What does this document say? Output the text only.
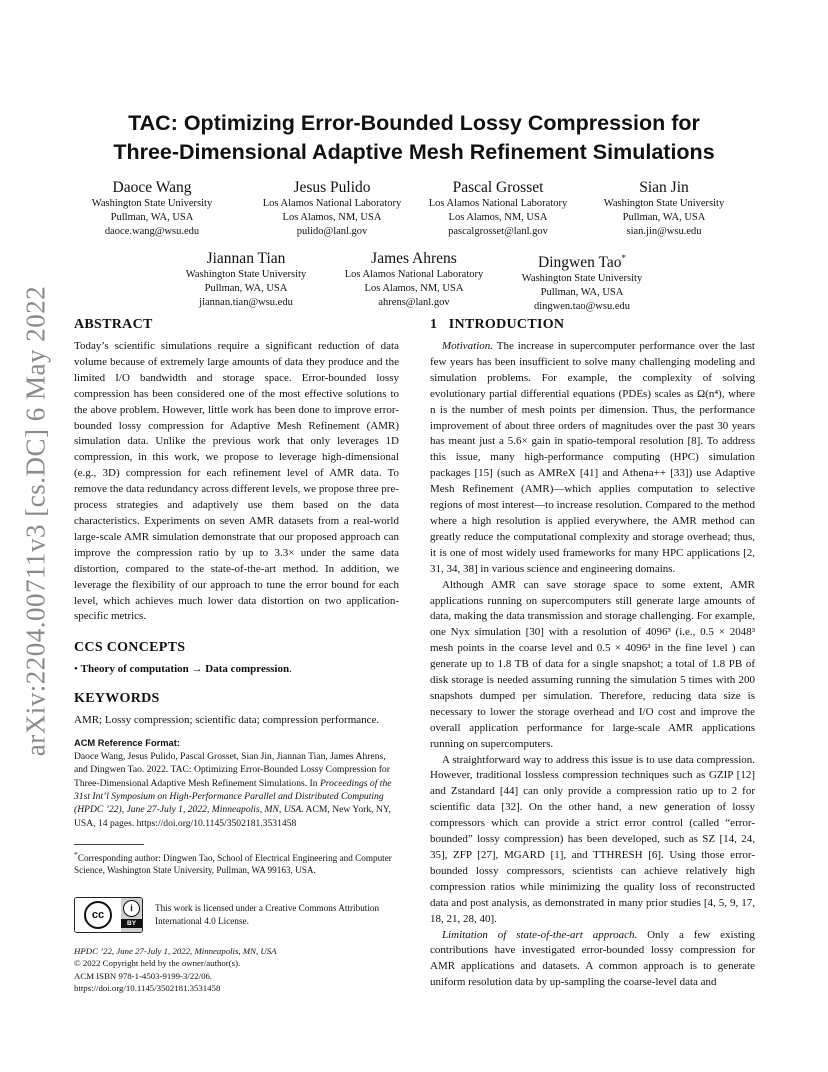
arXiv:2204.00711v3 [cs.DC] 6 May 2022
TAC: Optimizing Error-Bounded Lossy Compression for
Three-Dimensional Adaptive Mesh Refinement Simulations
Daoce Wang
Washington State University
Pullman, WA, USA
daoce.wang@wsu.edu
Jesus Pulido
Los Alamos National Laboratory
Los Alamos, NM, USA
pulido@lanl.gov
Pascal Grosset
Los Alamos National Laboratory
Los Alamos, NM, USA
pascalgrosset@lanl.gov
Sian Jin
Washington State University
Pullman, WA, USA
sian.jin@wsu.edu
Jiannan Tian
Washington State University
Pullman, WA, USA
jiannan.tian@wsu.edu
James Ahrens
Los Alamos National Laboratory
Los Alamos, NM, USA
ahrens@lanl.gov
Dingwen Tao*
Washington State University
Pullman, WA, USA
dingwen.tao@wsu.edu
ABSTRACT

Today’s scientific simulations require a significant reduction of data volume because of extremely large amounts of data they produce and the limited I/O bandwidth and storage space. Error-bounded lossy compression has been considered one of the most effective solutions to the above problem. However, little work has been done to improve error-bounded lossy compression for Adaptive Mesh Refinement (AMR) simulation data. Unlike the previous work that only leverages 1D compression, in this work, we propose to leverage high-dimensional (e.g., 3D) compression for each refinement level of AMR data. To remove the data redundancy across different levels, we propose three pre-process strategies and adaptively use them based on the data characteristics. Experiments on seven AMR datasets from a real-world large-scale AMR simulation demonstrate that our proposed approach can improve the compression ratio by up to 3.3× under the same data distortion, compared to the state-of-the-art method. In addition, we leverage the flexibility of our approach to tune the error bound for each level, which achieves much lower data distortion on two application-specific metrics.

CCS CONCEPTS

• Theory of computation → Data compression.

KEYWORDS

AMR; Lossy compression; scientific data; compression performance.

ACM Reference Format:

Daoce Wang, Jesus Pulido, Pascal Grosset, Sian Jin, Jiannan Tian, James Ahrens, and Dingwen Tao. 2022. TAC: Optimizing Error-Bounded Lossy Compression for Three-Dimensional Adaptive Mesh Refinement Simulations. In Proceedings of the 31st Int’l Symposium on High-Performance Parallel and Distributed Computing (HPDC ’22), June 27-July 1, 2022, Minneapolis, MN, USA. ACM, New York, NY, USA, 14 pages. https://doi.org/10.1145/3502181.3531458

*Corresponding author: Dingwen Tao, School of Electrical Engineering and Computer Science, Washington State University, Pullman, WA 99163, USA.
cc
i
BY
This work is licensed under a Creative Commons Attribution International 4.0 License.
HPDC ’22, June 27-July 1, 2022, Minneapolis, MN, USA
© 2022 Copyright held by the owner/author(s).
ACM ISBN 978-1-4503-9199-3/22/06.
https://doi.org/10.1145/3502181.3531458
1   INTRODUCTION

Motivation. The increase in supercomputer performance over the last few years has been insufficient to solve many challenging modeling and simulation problems. For example, the complexity of solving evolutionary partial differential equations (PDEs) scales as Ω(n⁴), where n is the number of mesh points per dimension. Thus, the performance improvement of about three orders of magnitudes over the past 30 years has meant just a 5.6× gain in spatio-temporal resolution [8]. To address this issue, many high-performance computing (HPC) simulation packages [15] (such as AMReX [41] and Athena++ [33]) use Adaptive Mesh Refinement (AMR)—which applies computation to selective regions of most interest—to increase resolution. Compared to the method where a high resolution is applied everywhere, the AMR method can greatly reduce the computational complexity and storage overhead; thus, it is one of most widely used frameworks for many HPC applications [2, 31, 34, 38] in various science and engineering domains.

Although AMR can save storage space to some extent, AMR applications running on supercomputers still generate large amounts of data, making the data transmission and storage challenging. For example, one Nyx simulation [30] with a resolution of 4096³ (i.e., 0.5 × 2048³ mesh points in the coarse level and 0.5 × 4096³ in the fine level ) can generate up to 1.8 TB of data for a single snapshot; a total of 1.8 PB of disk storage is needed assuming running the simulation 5 times with 200 snapshots dumped per simulation. Therefore, reducing data size is necessary to lower the storage overhead and I/O cost and improve the overall application performance for large-scale AMR applications running on supercomputers.

A straightforward way to address this issue is to use data compression. However, traditional lossless compression techniques such as GZIP [12] and Zstandard [44] can only provide a compression ratio up to 2 for scientific data [32]. On the other hand, a new generation of lossy compressors which can provide a strict error control (called “error-bounded” lossy compression) has been developed, such as SZ [14, 24, 35], ZFP [27], MGARD [1], and TTHRESH [6]. Using those error-bounded lossy compressors, scientists can achieve relatively high compression ratios while minimizing the quality loss of reconstructed data and post analysis, as demonstrated in many prior studies [4, 5, 9, 17, 18, 21, 28, 40].

Limitation of state-of-the-art approach. Only a few existing contributions have investigated error-bounded lossy compression for AMR applications and datasets. A common approach is to generate uniform resolution data by up-sampling the coarse-level data and
